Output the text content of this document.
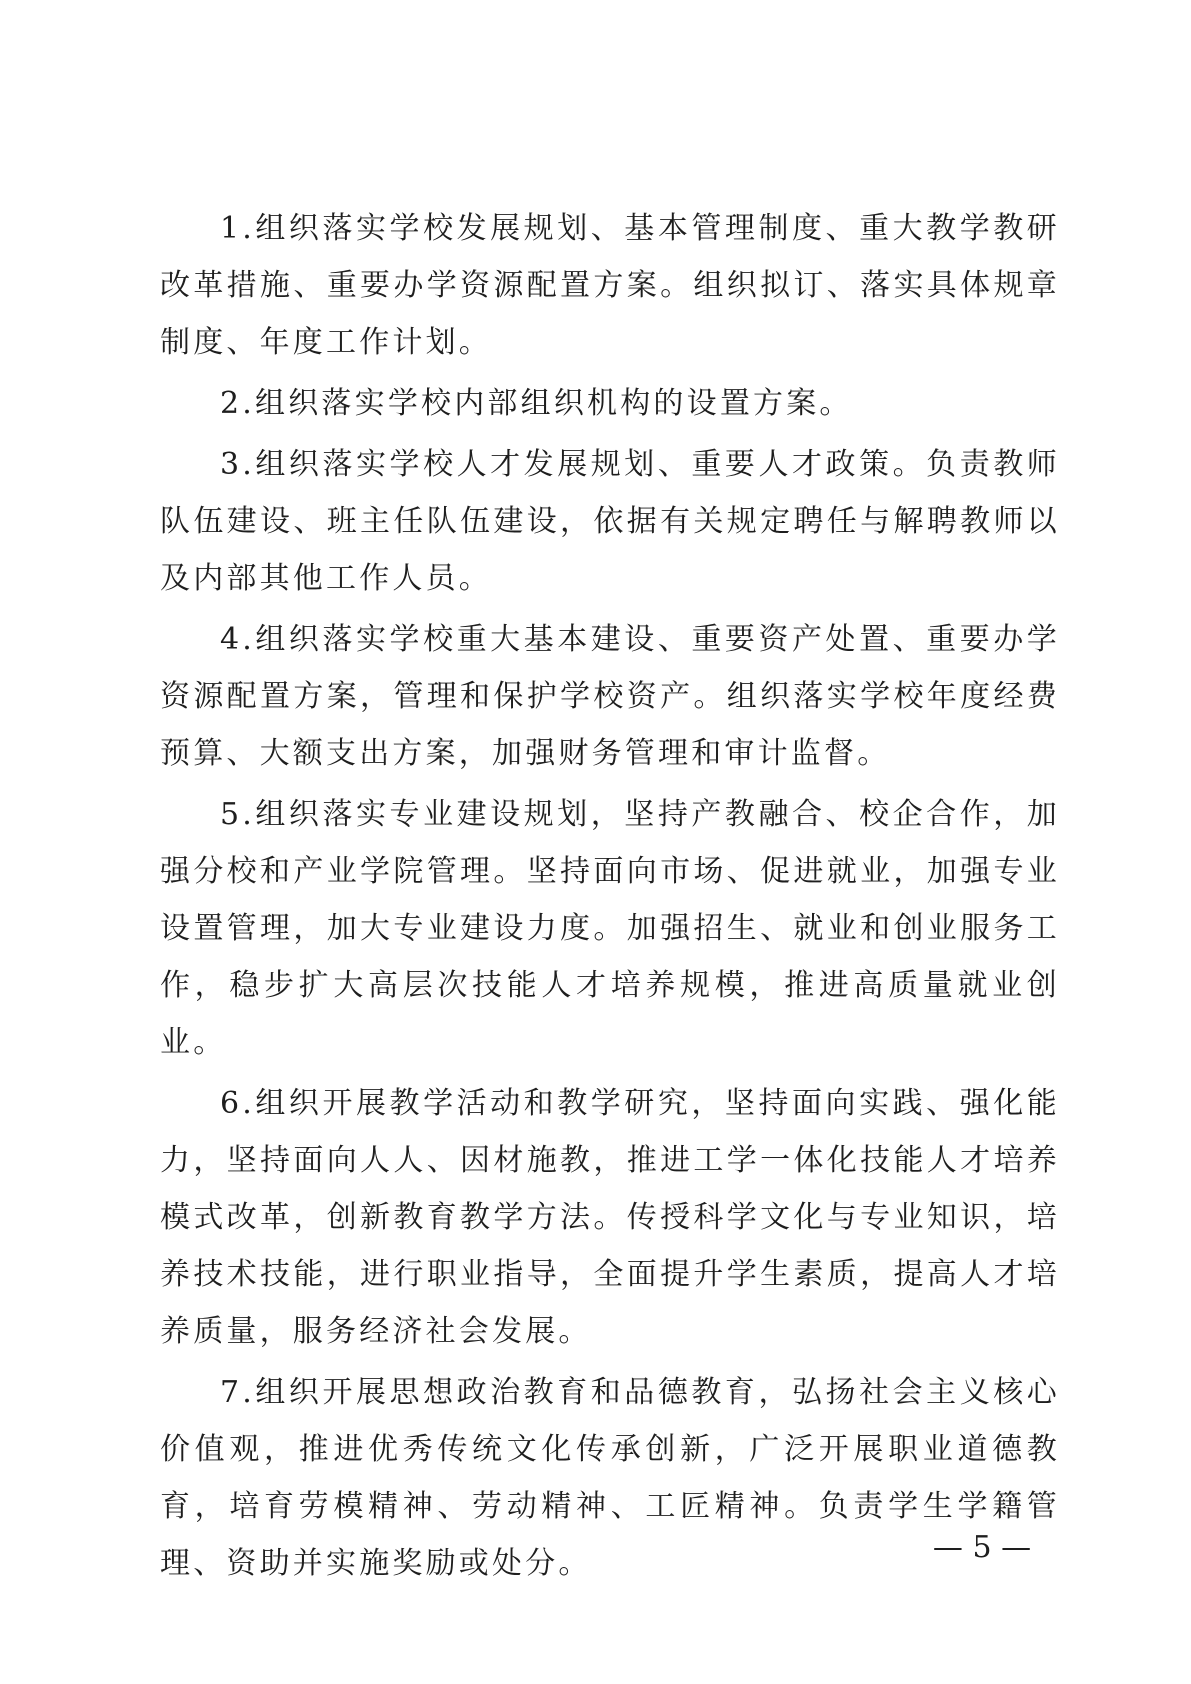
1.组织落实学校发展规划、基本管理制度、重大教学教研改革措施、重要办学资源配置方案。组织拟订、落实具体规章制度、年度工作计划。

2.组织落实学校内部组织机构的设置方案。

3.组织落实学校人才发展规划、重要人才政策。负责教师队伍建设、班主任队伍建设，依据有关规定聘任与解聘教师以及内部其他工作人员。

4.组织落实学校重大基本建设、重要资产处置、重要办学资源配置方案，管理和保护学校资产。组织落实学校年度经费预算、大额支出方案，加强财务管理和审计监督。

5.组织落实专业建设规划，坚持产教融合、校企合作，加强分校和产业学院管理。坚持面向市场、促进就业，加强专业设置管理，加大专业建设力度。加强招生、就业和创业服务工作，稳步扩大高层次技能人才培养规模，推进高质量就业创业。

6.组织开展教学活动和教学研究，坚持面向实践、强化能力，坚持面向人人、因材施教，推进工学一体化技能人才培养模式改革，创新教育教学方法。传授科学文化与专业知识，培养技术技能，进行职业指导，全面提升学生素质，提高人才培养质量，服务经济社会发展。

7.组织开展思想政治教育和品德教育，弘扬社会主义核心价值观，推进优秀传统文化传承创新，广泛开展职业道德教育，培育劳模精神、劳动精神、工匠精神。负责学生学籍管理、资助并实施奖励或处分。	— 5 —
